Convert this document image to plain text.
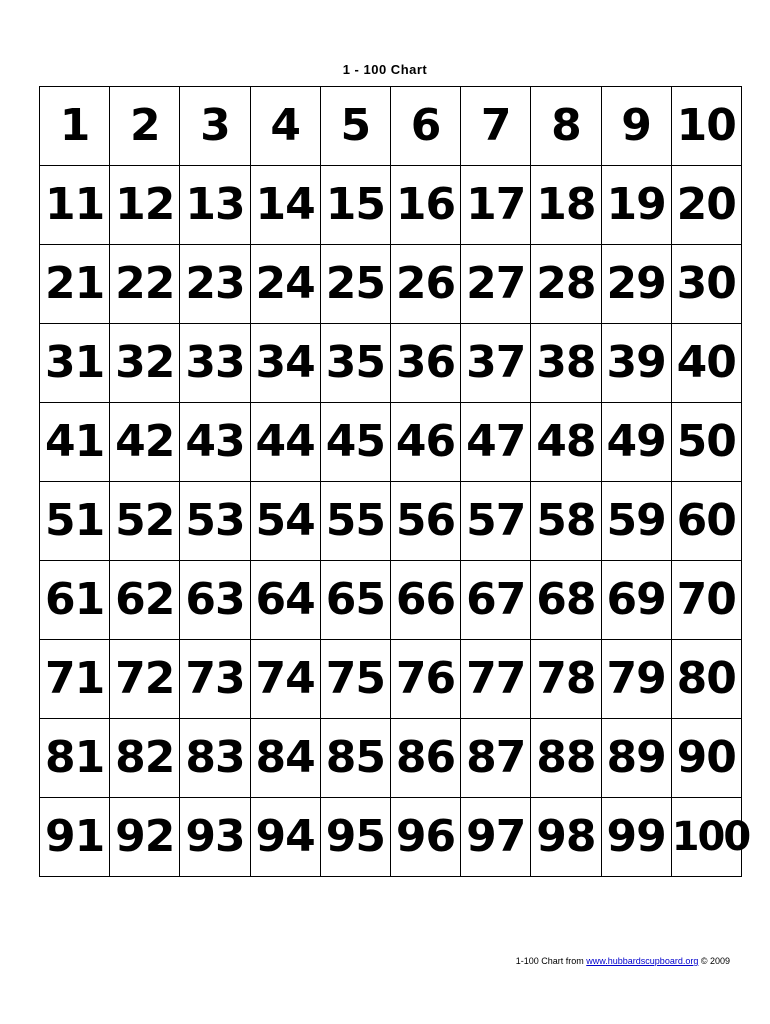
1 - 100 Chart
1	2	3	4	5	6	7	8	9	10
11	12	13	14	15	16	17	18	19	20
21	22	23	24	25	26	27	28	29	30
31	32	33	34	35	36	37	38	39	40
41	42	43	44	45	46	47	48	49	50
51	52	53	54	55	56	57	58	59	60
61	62	63	64	65	66	67	68	69	70
71	72	73	74	75	76	77	78	79	80
81	82	83	84	85	86	87	88	89	90
91	92	93	94	95	96	97	98	99	100
1-100 Chart from www.hubbardscupboard.org © 2009
